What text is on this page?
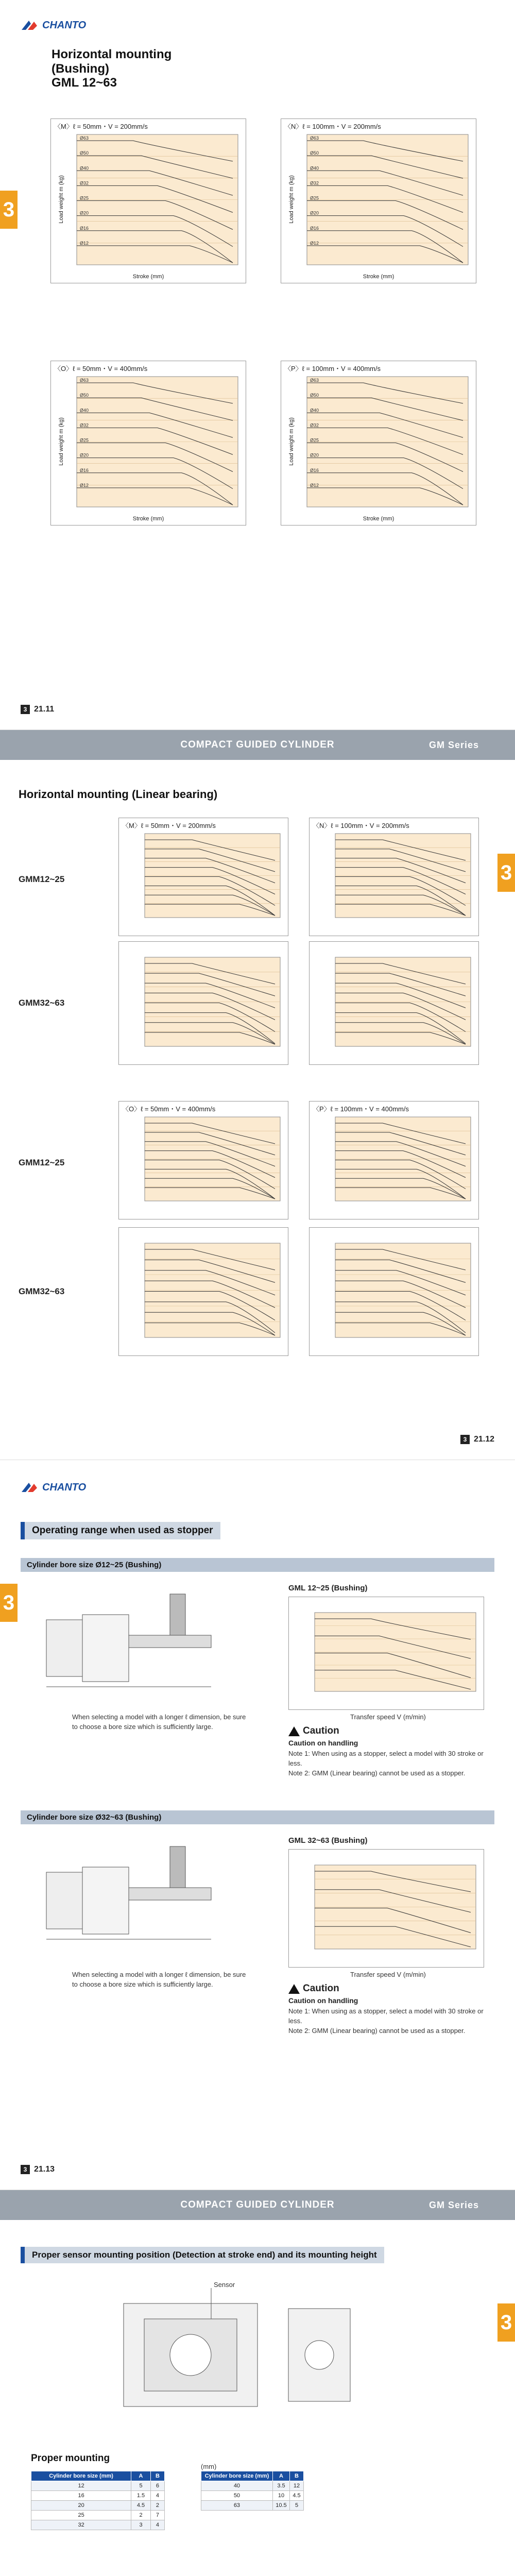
CHANTO
Horizontal mounting
(Bushing)
GML 12~63
3
〈M〉ℓ = 50mm・V = 200mm/s
Ø63
Ø50
Ø40
Ø32
Ø25
Ø20
Ø16
Ø12
Stroke (mm)
Load weight m (kg)
〈N〉ℓ = 100mm・V = 200mm/s
Ø63
Ø50
Ø40
Ø32
Ø25
Ø20
Ø16
Ø12
Stroke (mm)
Load weight m (kg)
〈O〉ℓ = 50mm・V = 400mm/s
Ø63
Ø50
Ø40
Ø32
Ø25
Ø20
Ø16
Ø12
Stroke (mm)
Load weight m (kg)
〈P〉ℓ = 100mm・V = 400mm/s
Ø63
Ø50
Ø40
Ø32
Ø25
Ø20
Ø16
Ø12
Stroke (mm)
Load weight m (kg)
3 21.11
COMPACT GUIDED CYLINDER	GM Series
Horizontal mounting (Linear bearing)
3
GMM12~25
GMM32~63
GMM12~25
GMM32~63
〈M〉ℓ = 50mm・V = 200mm/s	〈N〉ℓ = 100mm・V = 200mm/s
〈O〉ℓ = 50mm・V = 400mm/s	〈P〉ℓ = 100mm・V = 400mm/s
3 21.12
CHANTO
Operating range when used as stopper
3
Cylinder bore size Ø12~25 (Bushing)
GML 12~25 (Bushing)
Transfer speed V (m/min)
When selecting a model with a longer ℓ dimension, be sure to choose a bore size which is sufficiently large.	Caution
Caution on handling

Note 1: When using as a stopper, select a model with 30 stroke or less.

Note 2: GMM (Linear bearing) cannot be used as a stopper.

Cylinder bore size Ø32~63 (Bushing)
GML 32~63 (Bushing)
Transfer speed V (m/min)
When selecting a model with a longer ℓ dimension, be sure to choose a bore size which is sufficiently large.	Caution
Caution on handling

Note 1: When using as a stopper, select a model with 30 stroke or less.

Note 2: GMM (Linear bearing) cannot be used as a stopper.

3 21.13
COMPACT GUIDED CYLINDER	GM Series
Proper sensor mounting position (Detection at stroke end) and its mounting height
3
Sensor
Proper mounting
(mm)
Cylinder bore size (mm)	A	B
12	5	6
16	1.5	4
20	4.5	2
25	2	7
32	3	4
Cylinder bore size (mm)	A	B
40	3.5	12
50	10	4.5
63	10.5	5
